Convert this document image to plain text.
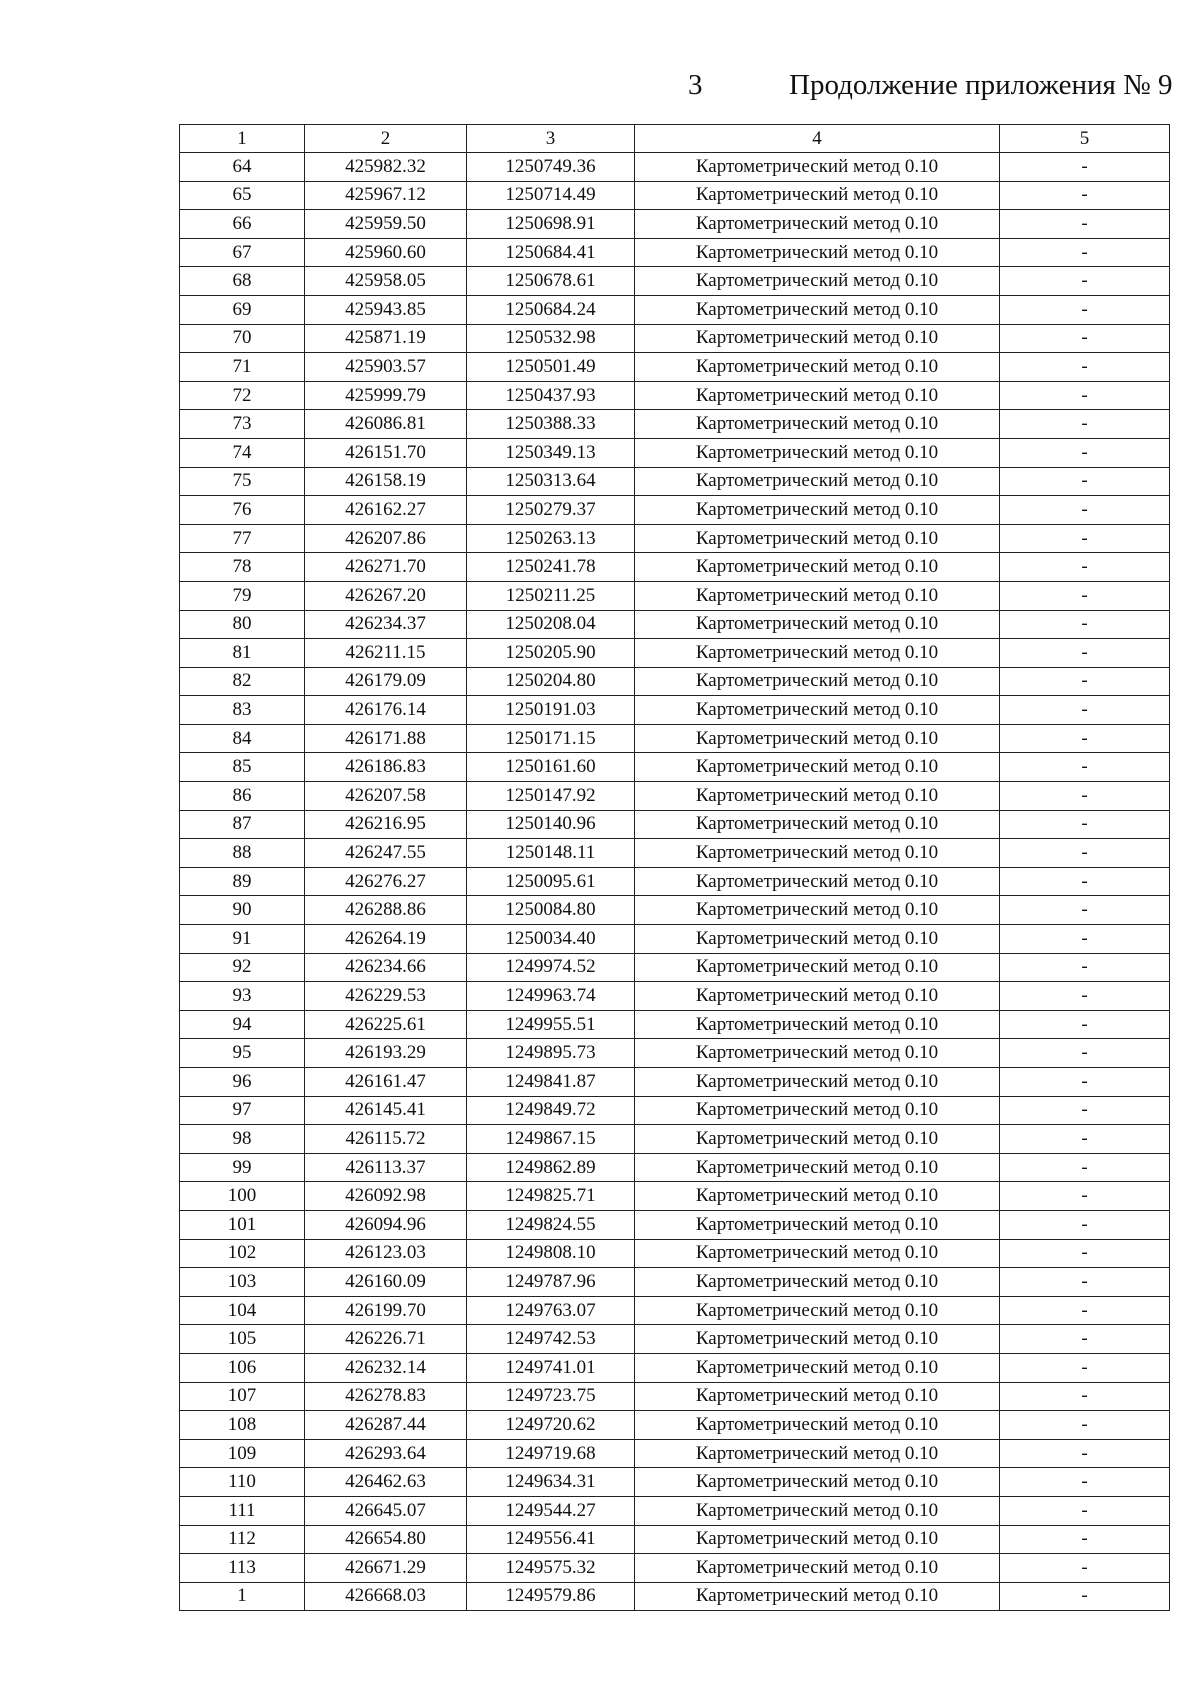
3	Продолжение приложения № 9
1	2	3	4	5
64	425982.32	1250749.36	Картометрический метод 0.10	-
65	425967.12	1250714.49	Картометрический метод 0.10	-
66	425959.50	1250698.91	Картометрический метод 0.10	-
67	425960.60	1250684.41	Картометрический метод 0.10	-
68	425958.05	1250678.61	Картометрический метод 0.10	-
69	425943.85	1250684.24	Картометрический метод 0.10	-
70	425871.19	1250532.98	Картометрический метод 0.10	-
71	425903.57	1250501.49	Картометрический метод 0.10	-
72	425999.79	1250437.93	Картометрический метод 0.10	-
73	426086.81	1250388.33	Картометрический метод 0.10	-
74	426151.70	1250349.13	Картометрический метод 0.10	-
75	426158.19	1250313.64	Картометрический метод 0.10	-
76	426162.27	1250279.37	Картометрический метод 0.10	-
77	426207.86	1250263.13	Картометрический метод 0.10	-
78	426271.70	1250241.78	Картометрический метод 0.10	-
79	426267.20	1250211.25	Картометрический метод 0.10	-
80	426234.37	1250208.04	Картометрический метод 0.10	-
81	426211.15	1250205.90	Картометрический метод 0.10	-
82	426179.09	1250204.80	Картометрический метод 0.10	-
83	426176.14	1250191.03	Картометрический метод 0.10	-
84	426171.88	1250171.15	Картометрический метод 0.10	-
85	426186.83	1250161.60	Картометрический метод 0.10	-
86	426207.58	1250147.92	Картометрический метод 0.10	-
87	426216.95	1250140.96	Картометрический метод 0.10	-
88	426247.55	1250148.11	Картометрический метод 0.10	-
89	426276.27	1250095.61	Картометрический метод 0.10	-
90	426288.86	1250084.80	Картометрический метод 0.10	-
91	426264.19	1250034.40	Картометрический метод 0.10	-
92	426234.66	1249974.52	Картометрический метод 0.10	-
93	426229.53	1249963.74	Картометрический метод 0.10	-
94	426225.61	1249955.51	Картометрический метод 0.10	-
95	426193.29	1249895.73	Картометрический метод 0.10	-
96	426161.47	1249841.87	Картометрический метод 0.10	-
97	426145.41	1249849.72	Картометрический метод 0.10	-
98	426115.72	1249867.15	Картометрический метод 0.10	-
99	426113.37	1249862.89	Картометрический метод 0.10	-
100	426092.98	1249825.71	Картометрический метод 0.10	-
101	426094.96	1249824.55	Картометрический метод 0.10	-
102	426123.03	1249808.10	Картометрический метод 0.10	-
103	426160.09	1249787.96	Картометрический метод 0.10	-
104	426199.70	1249763.07	Картометрический метод 0.10	-
105	426226.71	1249742.53	Картометрический метод 0.10	-
106	426232.14	1249741.01	Картометрический метод 0.10	-
107	426278.83	1249723.75	Картометрический метод 0.10	-
108	426287.44	1249720.62	Картометрический метод 0.10	-
109	426293.64	1249719.68	Картометрический метод 0.10	-
110	426462.63	1249634.31	Картометрический метод 0.10	-
111	426645.07	1249544.27	Картометрический метод 0.10	-
112	426654.80	1249556.41	Картометрический метод 0.10	-
113	426671.29	1249575.32	Картометрический метод 0.10	-
1	426668.03	1249579.86	Картометрический метод 0.10	-
